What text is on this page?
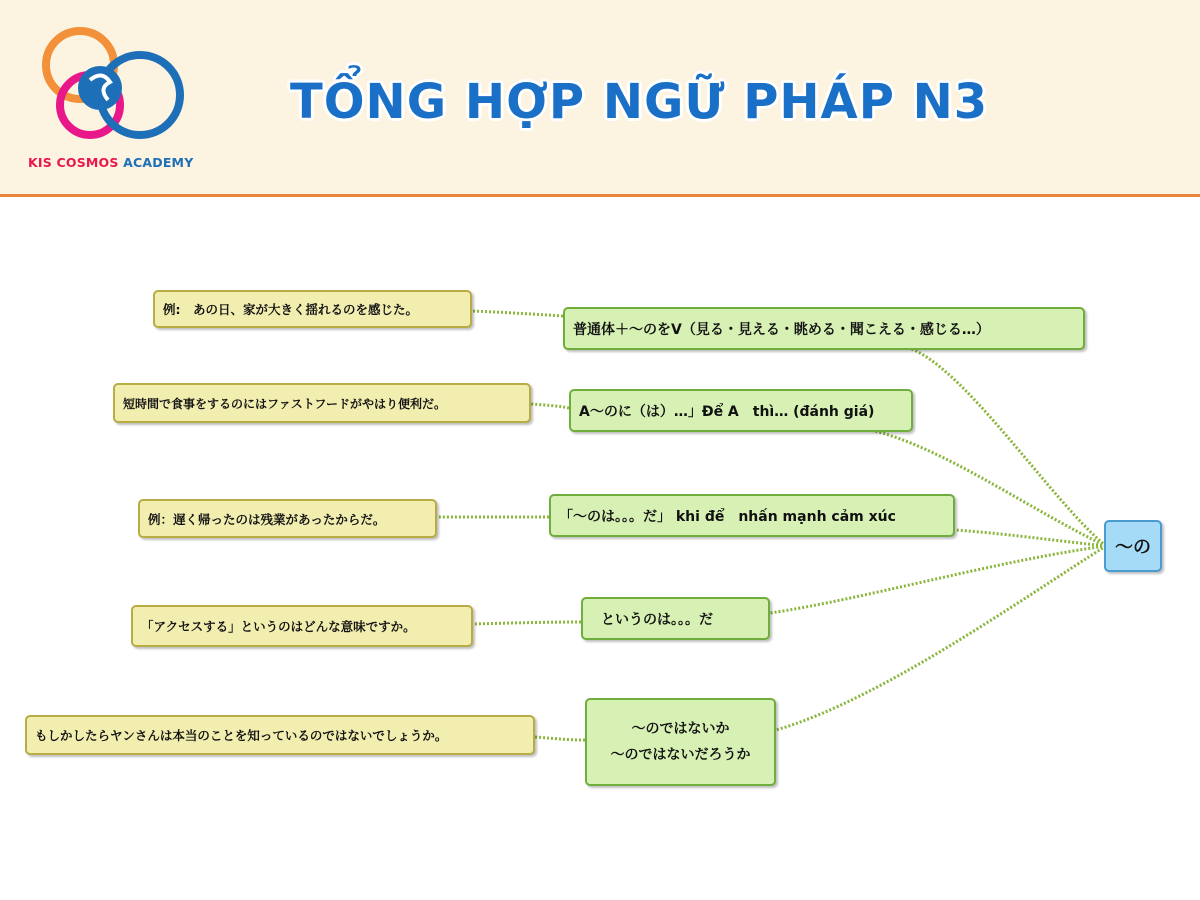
KIS COSMOS ACADEMY
TỔNG HỢP NGỮ PHÁP N3
〜の
普通体＋〜のをV（見る・見える・眺める・聞こえる・感じる…）
A〜のに（は）…」Để A　thì… (đánh giá)
「〜のは。。。だ」 khi để　nhấn mạnh cảm xúc
というのは。。。だ
〜のではないか
〜のではないだろうか
例:　あの日、家が大きく揺れるのを感じた。
短時間で食事をするのにはファストフードがやはり便利だ。
例：遅く帰ったのは残業があったからだ。
「アクセスする」というのはどんな意味ですか。
もしかしたらヤンさんは本当のことを知っているのではないでしょうか。
